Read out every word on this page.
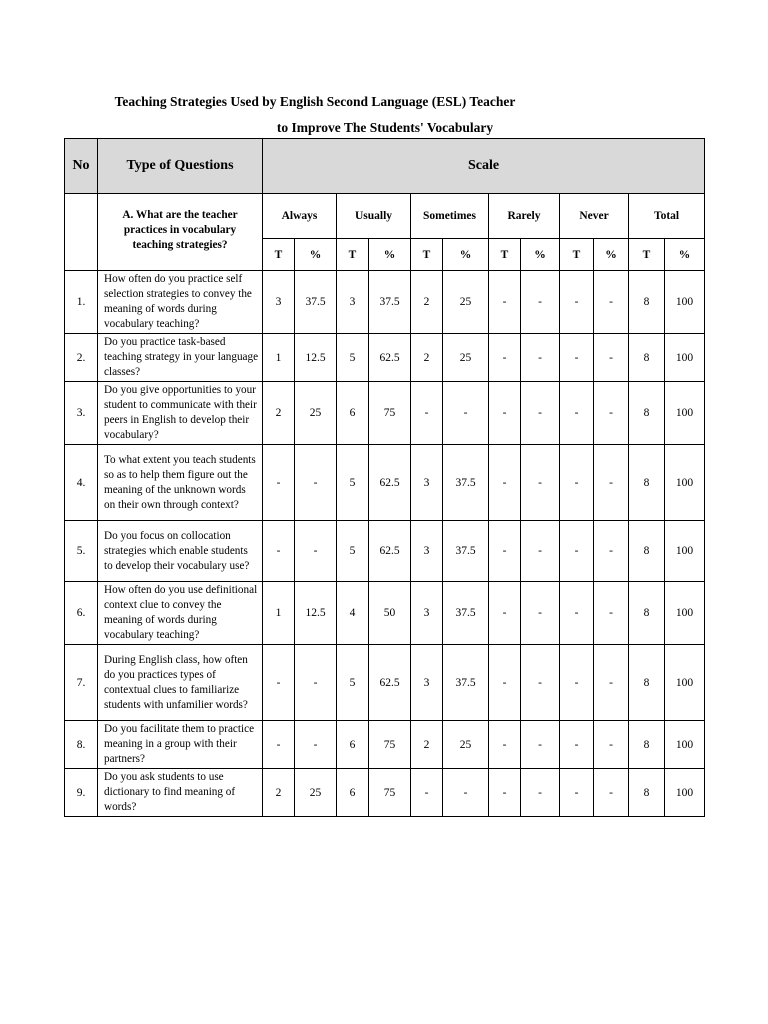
Teaching Strategies Used by English Second Language (ESL) Teacher
to Improve The Students' Vocabulary
No	Type of Questions	Scale											
	A. What are the teacher practices in vocabulary teaching strategies?	Always		Usually		Sometimes		Rarely		Never		Total	
		T	%	T	%	T	%	T	%	T	%	T	%
1.	How often do you practice self selection strategies to convey the meaning of words during vocabulary teaching?	3	37.5	3	37.5	2	25	-	-	-	-	8	100
2.	Do you practice task-based teaching strategy in your language classes?	1	12.5	5	62.5	2	25	-	-	-	-	8	100
3.	Do you give opportunities to your student to communicate with their peers in English to develop their vocabulary?	2	25	6	75	-	-	-	-	-	-	8	100
4.	To what extent you teach students so as to help them figure out the meaning of the unknown words on their own through context?	-	-	5	62.5	3	37.5	-	-	-	-	8	100
5.	Do you focus on collocation strategies which enable students to develop their vocabulary use?	-	-	5	62.5	3	37.5	-	-	-	-	8	100
6.	How often do you use definitional context clue to convey the meaning of words during vocabulary teaching?	1	12.5	4	50	3	37.5	-	-	-	-	8	100
7.	During English class, how often do you practices types of contextual clues to familiarize students with unfamilier words?	-	-	5	62.5	3	37.5	-	-	-	-	8	100
8.	Do you facilitate them to practice meaning in a group with their partners?	-	-	6	75	2	25	-	-	-	-	8	100
9.	Do you ask students to use dictionary to find meaning of words?	2	25	6	75	-	-	-	-	-	-	8	100
